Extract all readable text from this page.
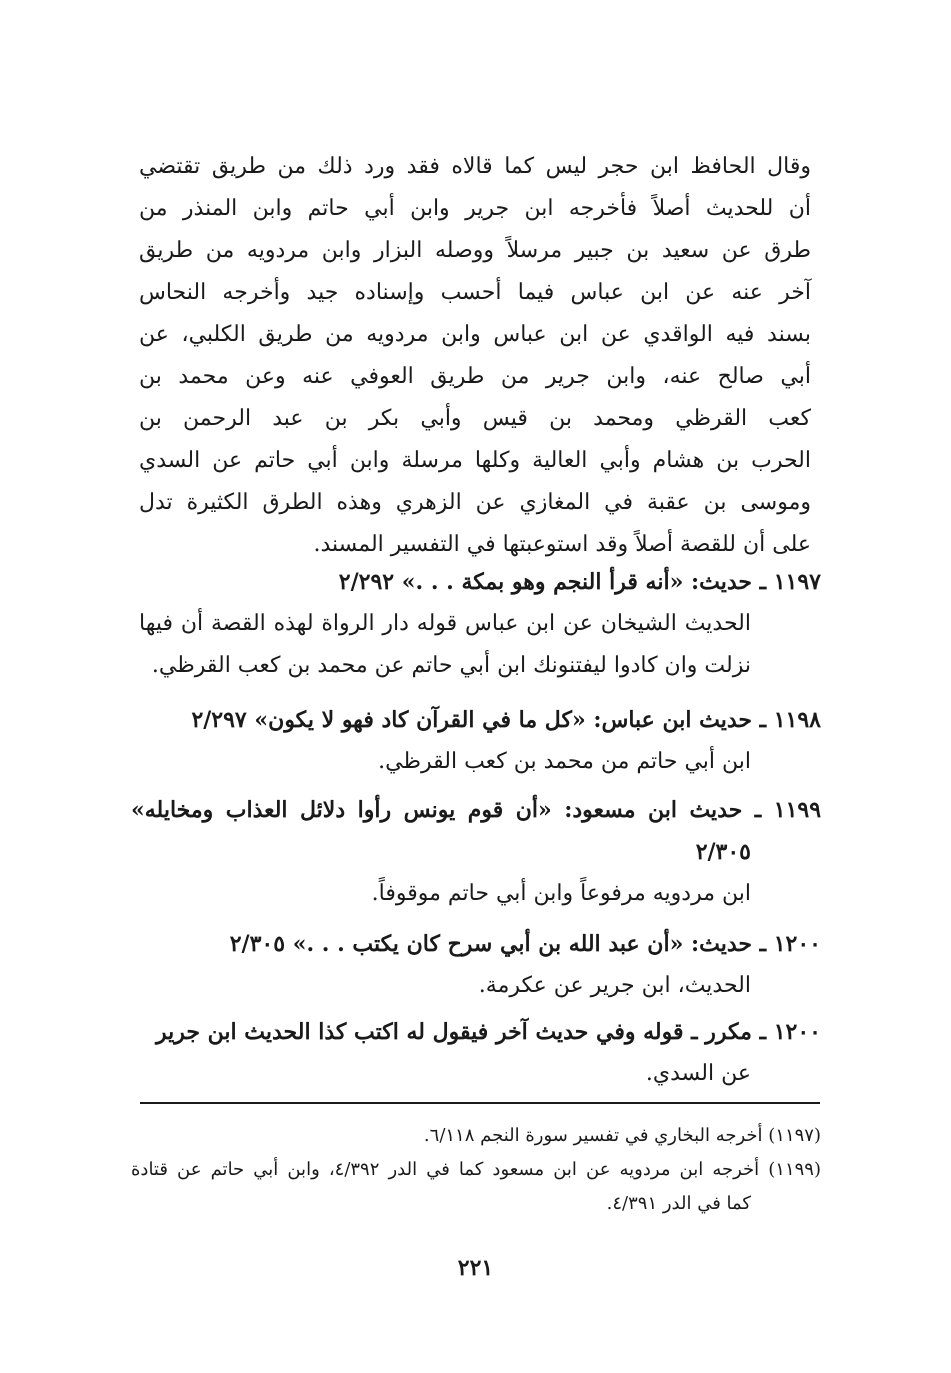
وقال الحافظ ابن حجر ليس كما قالاه فقد ورد ذلك من طريق تقتضي
أن للحديث أصلاً فأخرجه ابن جرير وابن أبي حاتم وابن المنذر من
طرق عن سعيد بن جبير مرسلاً ووصله البزار وابن مردويه من طريق
آخر عنه عن ابن عباس فيما أحسب وإسناده جيد وأخرجه النحاس
بسند فيه الواقدي عن ابن عباس وابن مردويه من طريق الكلبي، عن
أبي صالح عنه، وابن جرير من طريق العوفي عنه وعن محمد بن
كعب القرظي ومحمد بن قيس وأبي بكر بن عبد الرحمن بن
الحرب بن هشام وأبي العالية وكلها مرسلة وابن أبي حاتم عن السدي
وموسى بن عقبة في المغازي عن الزهري وهذه الطرق الكثيرة تدل
على أن للقصة أصلاً وقد استوعبتها في التفسير المسند.
١١٩٧ ـ حديث: «أنه قرأ النجم وهو بمكة . . .» ٢/٢٩٢
الحديث الشيخان عن ابن عباس قوله دار الرواة لهذه القصة أن فيها
نزلت وان كادوا ليفتنونك ابن أبي حاتم عن محمد بن كعب القرظي.
١١٩٨ ـ حديث ابن عباس: «كل ما في القرآن كاد فهو لا يكون» ٢/٢٩٧
ابن أبي حاتم من محمد بن كعب القرظي.
١١٩٩ ـ حديث ابن مسعود: «أن قوم يونس رأوا دلائل العذاب ومخايله»
٢/٣٠٥
ابن مردويه مرفوعاً وابن أبي حاتم موقوفاً.
١٢٠٠ ـ حديث: «أن عبد الله بن أبي سرح كان يكتب . . .» ٢/٣٠٥
الحديث، ابن جرير عن عكرمة.
١٢٠٠ ـ مكرر ـ قوله وفي حديث آخر فيقول له اكتب كذا الحديث ابن جرير
عن السدي.
(١١٩٧) أخرجه البخاري في تفسير سورة النجم ٦/١١٨.
(١١٩٩) أخرجه ابن مردويه عن ابن مسعود كما في الدر ٤/٣٩٢، وابن أبي حاتم عن قتادة
كما في الدر ٤/٣٩١.
٢٢١
